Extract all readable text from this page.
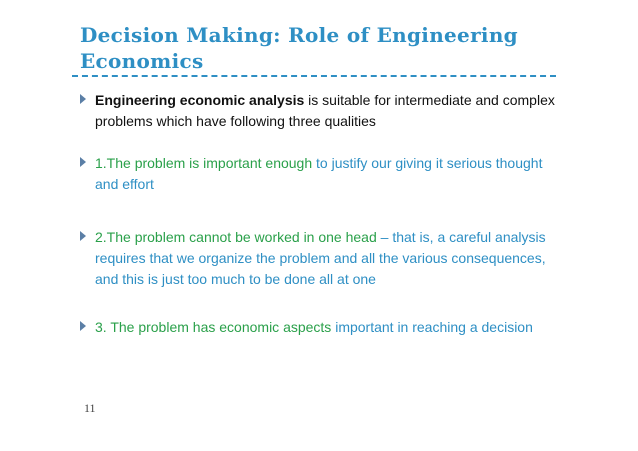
Decision Making: Role of Engineering Economics
Engineering economic analysis is suitable for intermediate and complex problems which have following three qualities
1.The problem is important enough to justify our giving it serious thought and effort
2.The problem cannot be worked in one head – that is, a careful analysis requires that we organize the problem and all the various consequences, and this is just too much to be done all at one
3. The problem has economic aspects important in reaching a decision
11
